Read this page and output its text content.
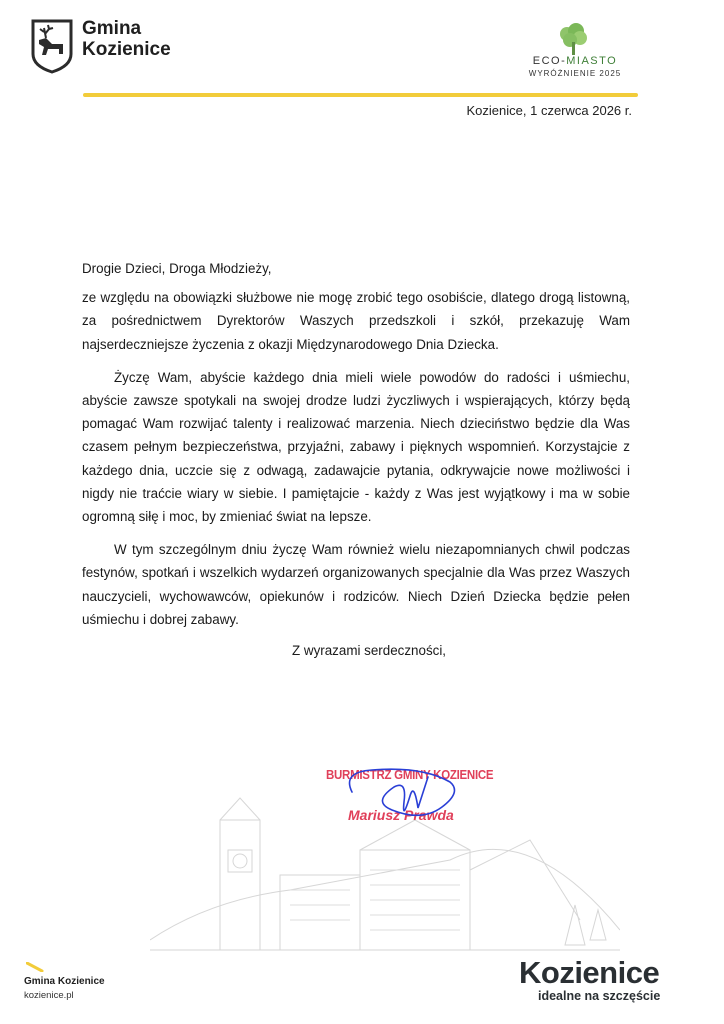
Gmina
Kozienice
ECO-MIASTO
WYRÓŻNIENIE 2025
Kozienice, 1 czerwca 2026 r.

Drogie Dzieci, Droga Młodzieży,

ze względu na obowiązki służbowe nie mogę zrobić tego osobiście, dlatego drogą listowną, za pośrednictwem Dyrektorów Waszych przedszkoli i szkół, przekazuję Wam najserdeczniejsze życzenia z okazji Międzynarodowego Dnia Dziecka.

Życzę Wam, abyście każdego dnia mieli wiele powodów do radości i uśmiechu, abyście zawsze spotykali na swojej drodze ludzi życzliwych i wspierających, którzy będą pomagać Wam rozwijać talenty i realizować marzenia. Niech dzieciństwo będzie dla Was czasem pełnym bezpieczeństwa, przyjaźni, zabawy i pięknych wspomnień. Korzystajcie z każdego dnia, uczcie się z odwagą, zadawajcie pytania, odkrywajcie nowe możliwości i nigdy nie traćcie wiary w siebie. I pamiętajcie - każdy z Was jest wyjątkowy i ma w sobie ogromną siłę i moc, by zmieniać świat na lepsze.

W tym szczególnym dniu życzę Wam również wielu niezapomnianych chwil podczas festynów, spotkań i wszelkich wydarzeń organizowanych specjalnie dla Was przez Waszych nauczycieli, wychowawców, opiekunów i rodziców. Niech Dzień Dziecka będzie pełen uśmiechu i dobrej zabawy.

Z wyrazami serdeczności,

BURMISTRZ GMINY KOZIENICE
Mariusz Prawda
Gmina Kozienice
kozienice.pl
Kozienice
idealne na szczęście
